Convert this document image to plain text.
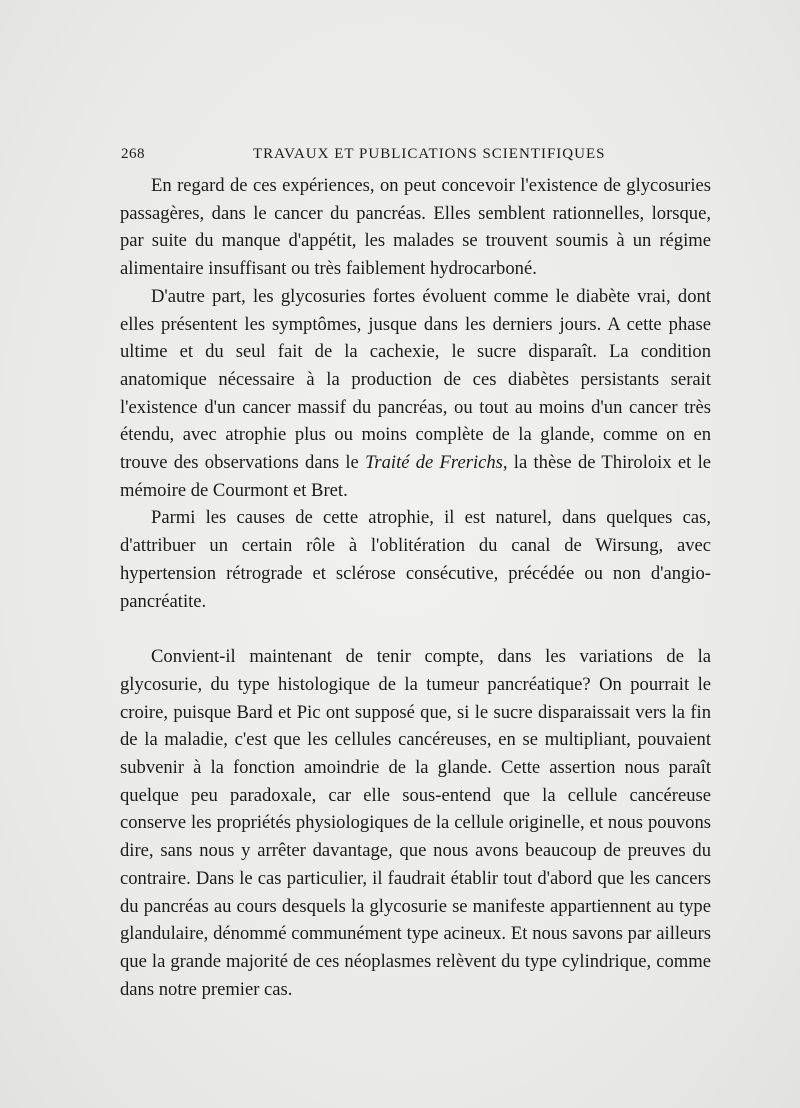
268	TRAVAUX ET PUBLICATIONS SCIENTIFIQUES

En regard de ces expériences, on peut concevoir l'existence de glycosuries passagères, dans le cancer du pancréas. Elles semblent rationnelles, lorsque, par suite du manque d'appétit, les malades se trouvent soumis à un régime alimentaire insuffisant ou très faiblement hydrocarboné.

D'autre part, les glycosuries fortes évoluent comme le diabète vrai, dont elles présentent les symptômes, jusque dans les derniers jours. A cette phase ultime et du seul fait de la cachexie, le sucre disparaît. La condition anatomique nécessaire à la production de ces diabètes persistants serait l'existence d'un cancer massif du pancréas, ou tout au moins d'un cancer très étendu, avec atrophie plus ou moins complète de la glande, comme on en trouve des observations dans le Traité de Frerichs, la thèse de Thiroloix et le mémoire de Courmont et Bret.

Parmi les causes de cette atrophie, il est naturel, dans quelques cas, d'attribuer un certain rôle à l'oblitération du canal de Wirsung, avec hypertension rétrograde et sclérose consécutive, précédée ou non d'angio-pancréatite.

Convient-il maintenant de tenir compte, dans les variations de la glycosurie, du type histologique de la tumeur pancréatique? On pourrait le croire, puisque Bard et Pic ont supposé que, si le sucre disparaissait vers la fin de la maladie, c'est que les cellules cancéreuses, en se multipliant, pouvaient subvenir à la fonction amoindrie de la glande. Cette assertion nous paraît quelque peu paradoxale, car elle sous-entend que la cellule cancéreuse conserve les propriétés physiologiques de la cellule originelle, et nous pouvons dire, sans nous y arrêter davantage, que nous avons beaucoup de preuves du contraire. Dans le cas particulier, il faudrait établir tout d'abord que les cancers du pancréas au cours desquels la glycosurie se manifeste appartiennent au type glandulaire, dénommé communément type acineux. Et nous savons par ailleurs que la grande majorité de ces néoplasmes relèvent du type cylindrique, comme dans notre premier cas.
